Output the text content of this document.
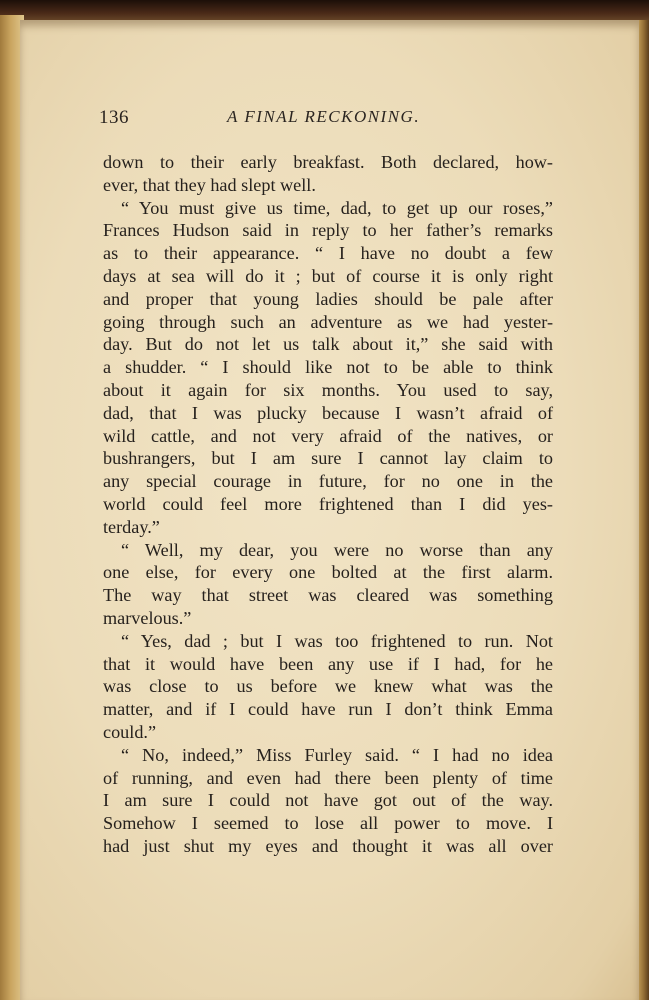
136	A FINAL RECKONING.
down to their early breakfast. Both declared, how-
ever, that they had slept well.
“ You must give us time, dad, to get up our roses,”
Frances Hudson said in reply to her father’s remarks
as to their appearance. “ I have no doubt a few
days at sea will do it ; but of course it is only right
and proper that young ladies should be pale after
going through such an adventure as we had yester-
day. But do not let us talk about it,” she said with
a shudder. “ I should like not to be able to think
about it again for six months. You used to say,
dad, that I was plucky because I wasn’t afraid of
wild cattle, and not very afraid of the natives, or
bushrangers, but I am sure I cannot lay claim to
any special courage in future, for no one in the
world could feel more frightened than I did yes-
terday.”
“ Well, my dear, you were no worse than any
one else, for every one bolted at the first alarm.
The way that street was cleared was something
marvelous.”
“ Yes, dad ; but I was too frightened to run. Not
that it would have been any use if I had, for he
was close to us before we knew what was the
matter, and if I could have run I don’t think Emma
could.”
“ No, indeed,” Miss Furley said. “ I had no idea
of running, and even had there been plenty of time
I am sure I could not have got out of the way.
Somehow I seemed to lose all power to move. I
had just shut my eyes and thought it was all over
